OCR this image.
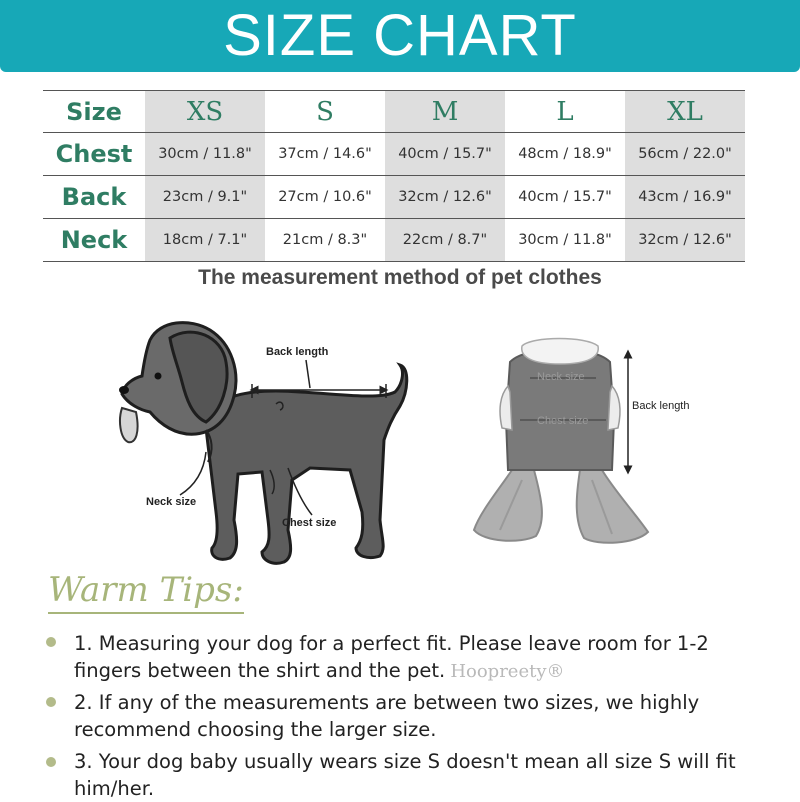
SIZE CHART
Size	XS	S	M	L	XL
Chest	30cm / 11.8"	37cm / 14.6"	40cm / 15.7"	48cm / 18.9"	56cm / 22.0"
Back	23cm / 9.1"	27cm / 10.6"	32cm / 12.6"	40cm / 15.7"	43cm / 16.9"
Neck	18cm / 7.1"	21cm / 8.3"	22cm / 8.7"	30cm / 11.8"	32cm / 12.6"
The measurement method of pet clothes
Back length
Neck size
Chest size
Neck size
Chest size
Back length
Warm Tips:
1. Measuring your dog for a perfect fit. Please leave room for 1-2 fingers between the shirt and the pet. Hoopreety®
2. If any of the measurements are between two sizes, we highly recommend choosing the larger size.
3. Your dog baby usually wears size S doesn't mean all size S will fit him/her.
